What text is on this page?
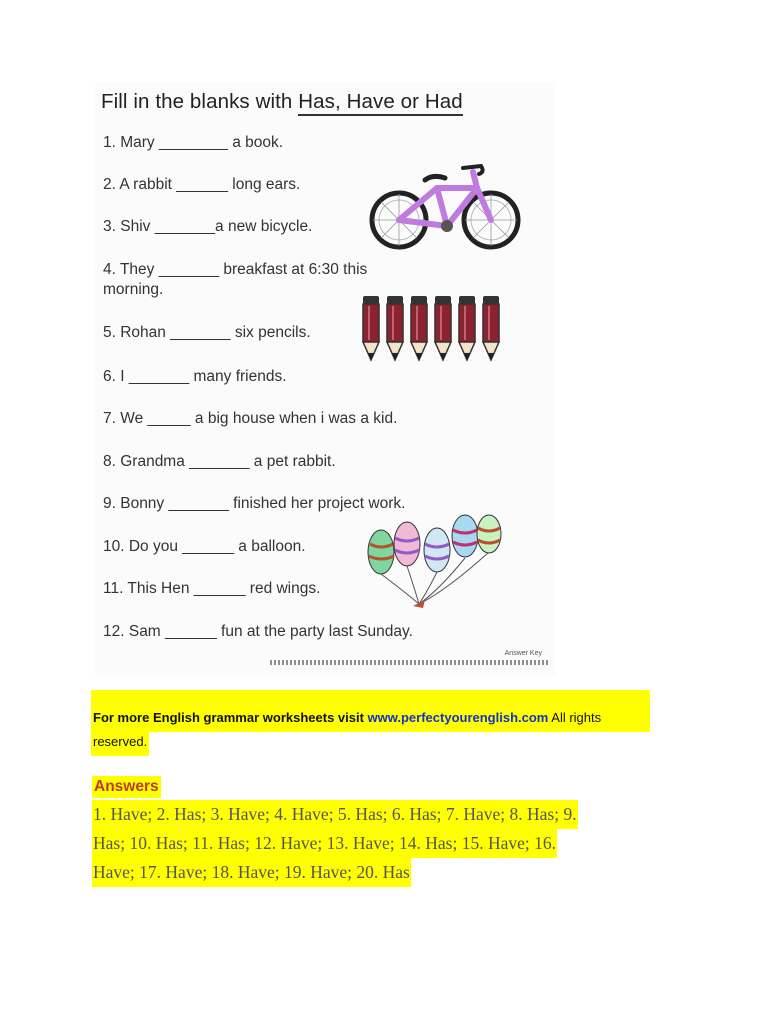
Fill in the blanks with Has, Have or Had
1. Mary ________ a book.
2. A rabbit ______ long ears.
3. Shiv _______a new bicycle.
4. They _______ breakfast at 6:30 this
morning.
5. Rohan _______ six pencils.
6. I _______ many friends.
7. We _____ a big house when i was a kid.
8. Grandma _______ a pet rabbit.
9. Bonny _______ finished her project work.
10. Do you ______ a balloon.
11. This Hen ______ red wings.
12. Sam ______ fun at the party last Sunday.
Answer Key
For more English grammar worksheets visit www.perfectyourenglish.com All rights
reserved.
Answers
1. Have; 2. Has; 3. Have; 4. Have; 5. Has; 6. Has; 7. Have; 8. Has; 9.
Has; 10. Has; 11. Has; 12. Have; 13. Have; 14. Has; 15. Have; 16.
Have; 17. Have; 18. Have; 19. Have; 20. Has
